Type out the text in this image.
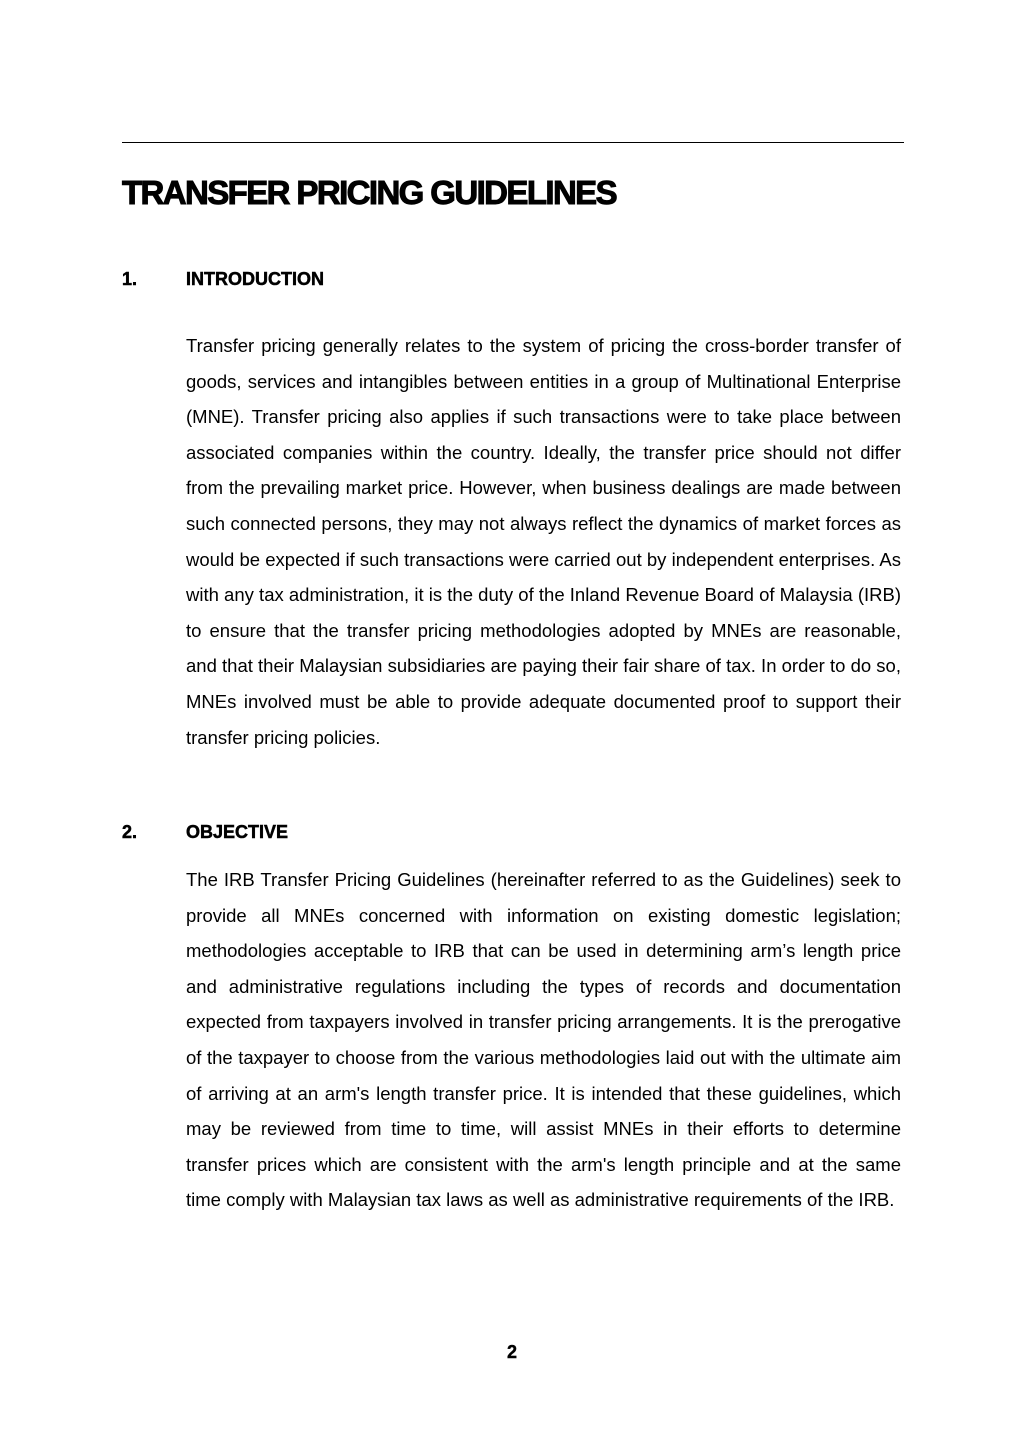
TRANSFER PRICING GUIDELINES
1.	INTRODUCTION

Transfer pricing generally relates to the system of pricing the cross-border transfer of goods, services and intangibles between entities in a group of Multinational Enterprise (MNE). Transfer pricing also applies if such transactions were to take place between associated companies within the country. Ideally, the transfer price should not differ from the prevailing market price. However, when business dealings are made between such connected persons, they may not always reflect the dynamics of market forces as would be expected if such transactions were carried out by independent enterprises. As with any tax administration, it is the duty of the Inland Revenue Board of Malaysia (IRB) to ensure that the transfer pricing methodologies adopted by MNEs are reasonable, and that their Malaysian subsidiaries are paying their fair share of tax. In order to do so, MNEs involved must be able to provide adequate documented proof to support their transfer pricing policies.

2.	OBJECTIVE

The IRB Transfer Pricing Guidelines (hereinafter referred to as the Guidelines) seek to provide all MNEs concerned with information on existing domestic legislation; methodologies acceptable to IRB that can be used in determining arm’s length price and administrative regulations including the types of records and documentation expected from taxpayers involved in transfer pricing arrangements. It is the prerogative of the taxpayer to choose from the various methodologies laid out with the ultimate aim of arriving at an arm's length transfer price. It is intended that these guidelines, which may be reviewed from time to time, will assist MNEs in their efforts to determine transfer prices which are consistent with the arm's length principle and at the same time comply with Malaysian tax laws as well as administrative requirements of the IRB.

2
